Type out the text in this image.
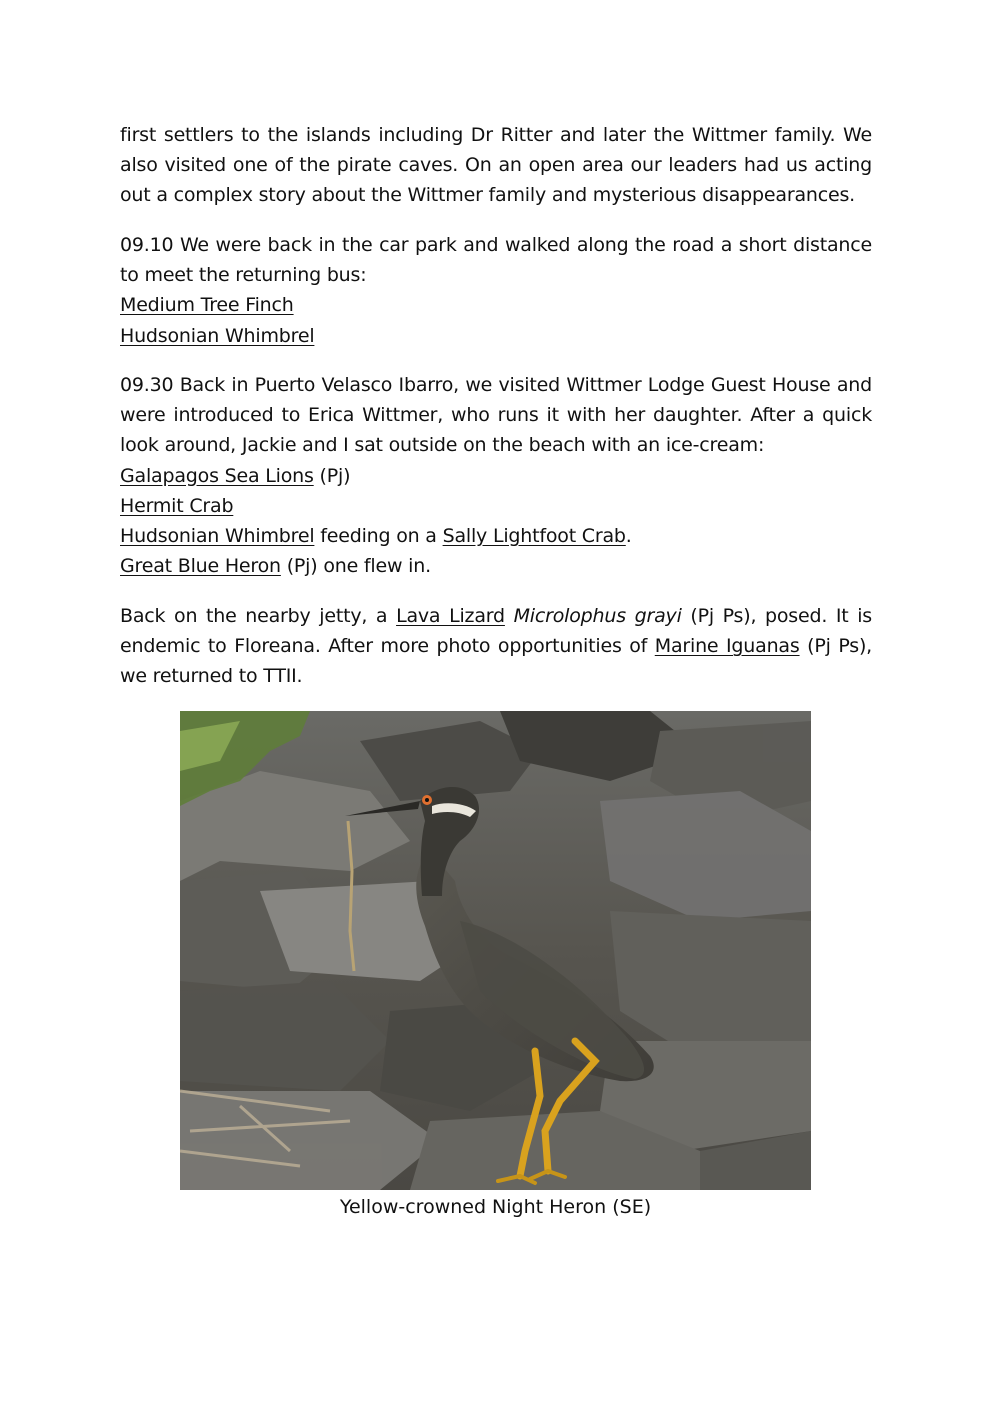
first settlers to the islands including Dr Ritter and later the Wittmer family. We also visited one of the pirate caves. On an open area our leaders had us acting out a complex story about the Wittmer family and mysterious disappearances.

09.10 We were back in the car park and walked along the road a short distance to meet the returning bus:

Medium Tree Finch
Hudsonian Whimbrel

09.30 Back in Puerto Velasco Ibarro, we visited Wittmer Lodge Guest House and were introduced to Erica Wittmer, who runs it with her daughter. After a quick look around, Jackie and I sat outside on the beach with an ice-cream:

Galapagos Sea Lions (Pj)
Hermit Crab
Hudsonian Whimbrel feeding on a Sally Lightfoot Crab.
Great Blue Heron (Pj) one flew in.

Back on the nearby jetty, a Lava Lizard Microlophus grayi (Pj Ps), posed. It is endemic to Floreana. After more photo opportunities of Marine Iguanas (Pj Ps), we returned to TTII.

Yellow-crowned Night Heron (SE)
